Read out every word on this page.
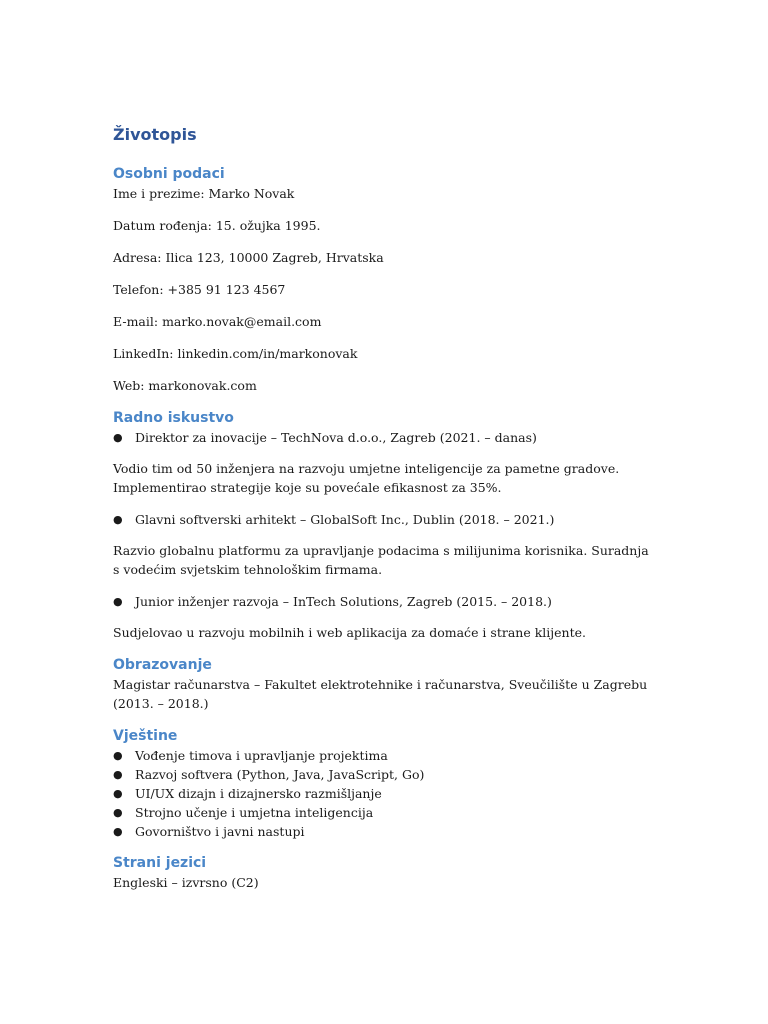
Životopis
Osobni podaci

Ime i prezime: Marko Novak

Datum rođenja: 15. ožujka 1995.

Adresa: Ilica 123, 10000 Zagreb, Hrvatska

Telefon: +385 91 123 4567

E-mail: marko.novak@email.com

LinkedIn: linkedin.com/in/markonovak

Web: markonovak.com

Radno iskustvo
● Direktor za inovacije – TechNova d.o.o., Zagreb (2021. – danas)

Vodio tim od 50 inženjera na razvoju umjetne inteligencije za pametne gradove. Implementirao strategije koje su povećale efikasnost za 35%.

● Glavni softverski arhitekt – GlobalSoft Inc., Dublin (2018. – 2021.)

Razvio globalnu platformu za upravljanje podacima s milijunima korisnika. Suradnja s vodećim svjetskim tehnološkim firmama.

● Junior inženjer razvoja – InTech Solutions, Zagreb (2015. – 2018.)

Sudjelovao u razvoju mobilnih i web aplikacija za domaće i strane klijente.

Obrazovanje

Magistar računarstva – Fakultet elektrotehnike i računarstva, Sveučilište u Zagrebu (2013. – 2018.)

Vještine
● Vođenje timova i upravljanje projektima
● Razvoj softvera (Python, Java, JavaScript, Go)
● UI/UX dizajn i dizajnersko razmišljanje
● Strojno učenje i umjetna inteligencija
● Govorništvo i javni nastupi
Strani jezici

Engleski – izvrsno (C2)
